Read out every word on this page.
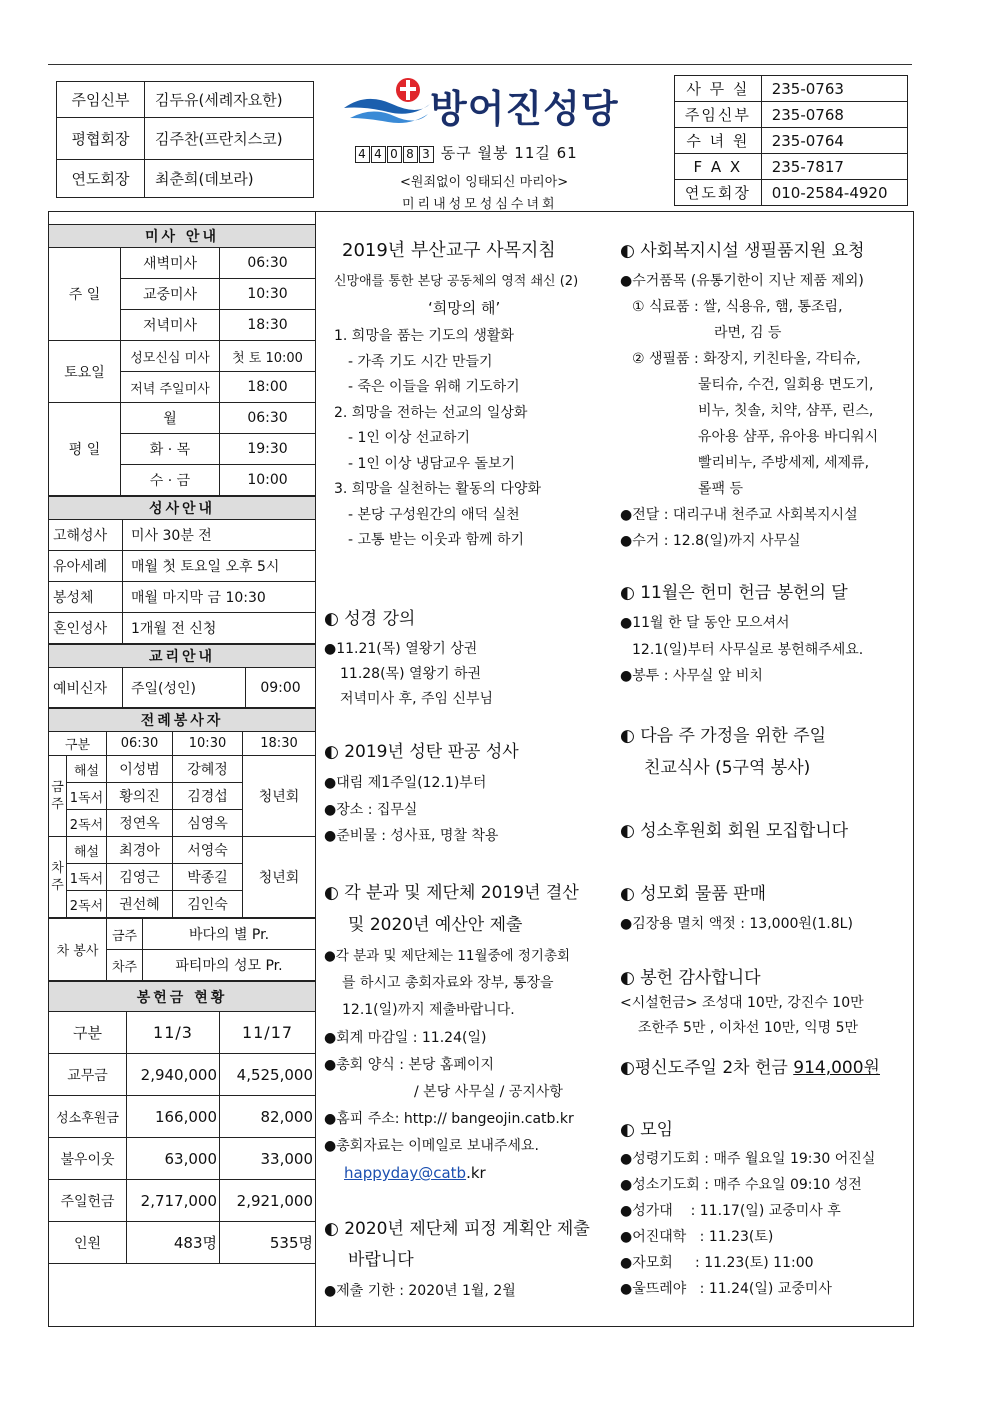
주임신부	김두유(세례자요한)
평협회장	김주찬(프란치스코)
연도회장	최춘희(데보라)
방어진성당
4 4 0 8 3 동구 월봉 11길 61
<원죄없이 잉태되신 마리아>
미리내성모성심수녀회
사 무 실	235-0763
주임신부	235-0768
수 녀 원	235-0764
F A X	235-7817
연도회장	010-2584-4920
미사 안내		
주 일	새벽미사	06:30
	교중미사	10:30
	저녁미사	18:30
토요일	성모신심 미사	첫 토 10:00
	저녁 주일미사	18:00
평 일	월	06:30
	화 · 목	19:30
	수 · 금	10:00
성사안내	
고해성사	미사 30분 전
유아세례	매월 첫 토요일 오후 5시
봉성체	매월 마지막 금 10:30
혼인성사	1개월 전 신청
교리안내
예비신자	주일(성인)	09:00
전례봉사자				
구분		06:30	10:30	18:30
금주	해설	이성범	강혜정	청년회
	1독서	황의진	김경섭	
	2독서	정연옥	심영옥	
차주	해설	최경아	서영숙	청년회
	1독서	김영근	박종길	
	2독서	권선혜	김인숙	
차 봉사	금주	바다의 별 Pr.
	차주	파티마의 성모 Pr.
봉헌금 현황		
구분	11/3	11/17
교무금	2,940,000	4,525,000
성소후원금	166,000	82,000
불우이웃	63,000	33,000
주일헌금	2,717,000	2,921,000
인원	483명	535명
2019년 부산교구 사목지침
신망애를 통한 본당 공동체의 영적 쇄신 (2)
‘희망의 해’
1. 희망을 품는 기도의 생활화
- 가족 기도 시간 만들기
- 죽은 이들을 위해 기도하기
2. 희망을 전하는 선교의 일상화
- 1인 이상 선교하기
- 1인 이상 냉담교우 돌보기
3. 희망을 실천하는 활동의 다양화
- 본당 구성원간의 애덕 실천
- 고통 받는 이웃과 함께 하기
◐ 성경 강의
●11.21(목) 열왕기 상권
11.28(목) 열왕기 하권
저녁미사 후, 주임 신부님
◐ 2019년 성탄 판공 성사
●대림 제1주일(12.1)부터
●장소 : 집무실
●준비물 : 성사표, 명찰 착용
◐ 각 분과 및 제단체 2019년 결산
및 2020년 예산안 제출
●각 분과 및 제단체는 11월중에 정기총회
를 하시고 총회자료와 장부, 통장을
12.1(일)까지 제출바랍니다.
●회계 마감일 : 11.24(일)
●총회 양식 : 본당 홈페이지
/ 본당 사무실 / 공지사항
●홈피 주소: http:// bangeojin.catb.kr
●총회자료는 이메일로 보내주세요.
happyday@catb.kr
◐ 2020년 제단체 피정 계획안 제출
바랍니다
●제출 기한 : 2020년 1월, 2월
◐ 사회복지시설 생필품지원 요청
●수거품목 (유통기한이 지난 제품 제외)
① 식료품 : 쌀, 식용유, 햄, 통조림,
라면, 김 등
② 생필품 : 화장지, 키친타올, 각티슈,
물티슈, 수건, 일회용 면도기,
비누, 칫솔, 치약, 샴푸, 린스,
유아용 샴푸, 유아용 바디워시
빨리비누, 주방세제, 세제류,
롤팩 등
●전달 : 대리구내 천주교 사회복지시설
●수거 : 12.8(일)까지 사무실
◐ 11월은 헌미 헌금 봉헌의 달
●11월 한 달 동안 모으셔서
12.1(일)부터 사무실로 봉헌해주세요.
●봉투 : 사무실 앞 비치
◐ 다음 주 가정을 위한 주일
친교식사 (5구역 봉사)
◐ 성소후원회 회원 모집합니다
◐ 성모회 물품 판매
●김장용 멸치 액젓 : 13,000원(1.8L)
◐ 봉헌 감사합니다
<시설헌금> 조성대 10만, 강진수 10만
조한주 5만 , 이차선 10만, 익명 5만
◐평신도주일 2차 헌금 914,000원
◐ 모임
●성령기도회 : 매주 월요일 19:30 어진실
●성소기도회 : 매주 수요일 09:10 성전
●성가대    : 11.17(일) 교중미사 후
●어진대학   : 11.23(토)
●자모회     : 11.23(토) 11:00
●울뜨레야   : 11.24(일) 교중미사
